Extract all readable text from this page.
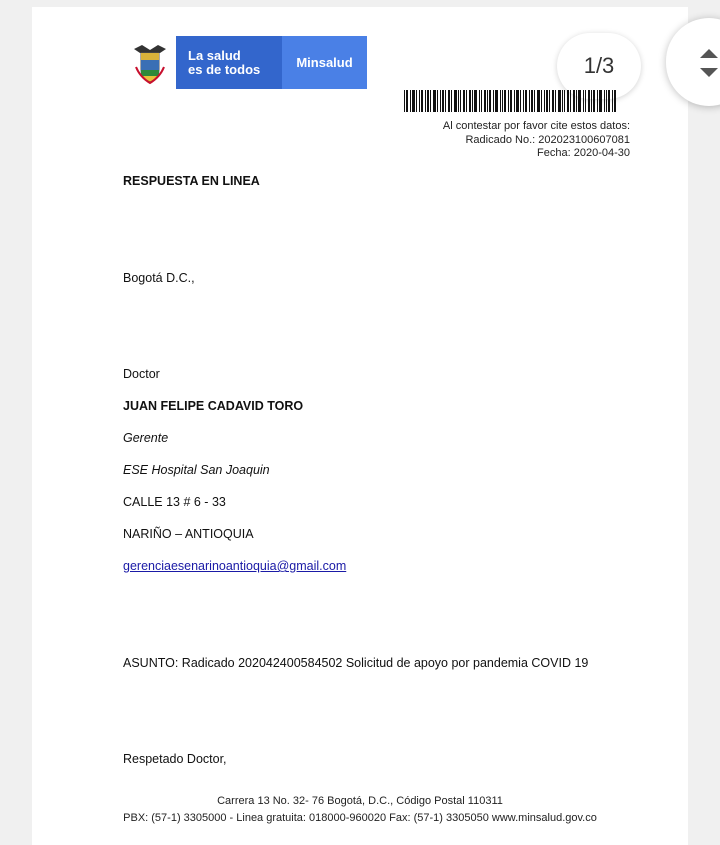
La salud
es de todos	Minsalud	1/3
Al contestar por favor cite estos datos:
Radicado No.: 202023100607081
Fecha: 2020-04-30
RESPUESTA EN LINEA
Bogotá D.C.,
Doctor
JUAN FELIPE CADAVID TORO
Gerente
ESE Hospital San Joaquin
CALLE 13 # 6 - 33
NARIÑO – ANTIOQUIA
gerenciaesenarinoantioquia@gmail.com
ASUNTO: Radicado 202042400584502 Solicitud de apoyo por pandemia COVID 19
Respetado Doctor,
Carrera 13 No. 32- 76 Bogotá, D.C., Código Postal 110311
PBX: (57-1) 3305000 - Linea gratuita: 018000-960020 Fax: (57-1) 3305050 www.minsalud.gov.co
